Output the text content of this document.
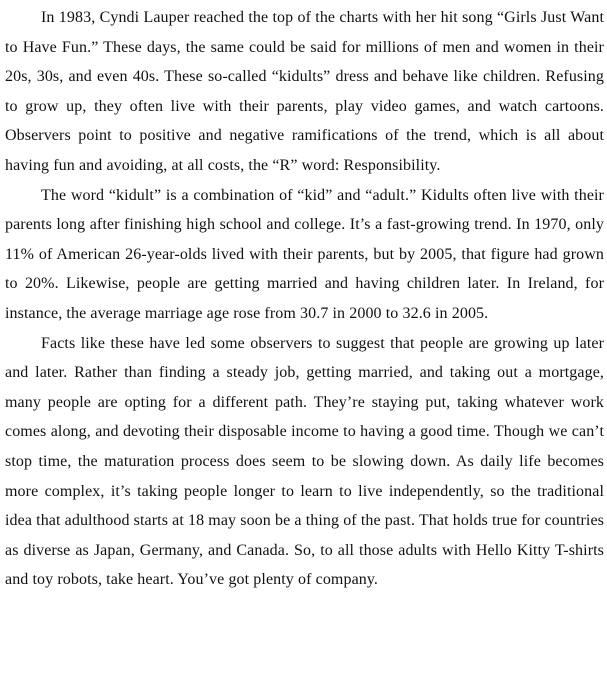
In 1983, Cyndi Lauper reached the top of the charts with her hit song “Girls Just Want to Have Fun.” These days, the same could be said for millions of men and women in their 20s, 30s, and even 40s. These so-called “kidults” dress and behave like children. Refusing to grow up, they often live with their parents, play video games, and watch cartoons. Observers point to positive and negative ramifications of the trend, which is all about having fun and avoiding, at all costs, the “R” word: Responsibility.

The word “kidult” is a combination of “kid” and “adult.” Kidults often live with their parents long after finishing high school and college. It’s a fast-growing trend. In 1970, only 11% of American 26-year-olds lived with their parents, but by 2005, that figure had grown to 20%. Likewise, people are getting married and having children later. In Ireland, for instance, the average marriage age rose from 30.7 in 2000 to 32.6 in 2005.

Facts like these have led some observers to suggest that people are growing up later and later. Rather than finding a steady job, getting married, and taking out a mortgage, many people are opting for a different path. They’re staying put, taking whatever work comes along, and devoting their disposable income to having a good time. Though we can’t stop time, the maturation process does seem to be slowing down. As daily life becomes more complex, it’s taking people longer to learn to live independently, so the traditional idea that adulthood starts at 18 may soon be a thing of the past. That holds true for countries as diverse as Japan, Germany, and Canada. So, to all those adults with Hello Kitty T-shirts and toy robots, take heart. You’ve got plenty of company.
